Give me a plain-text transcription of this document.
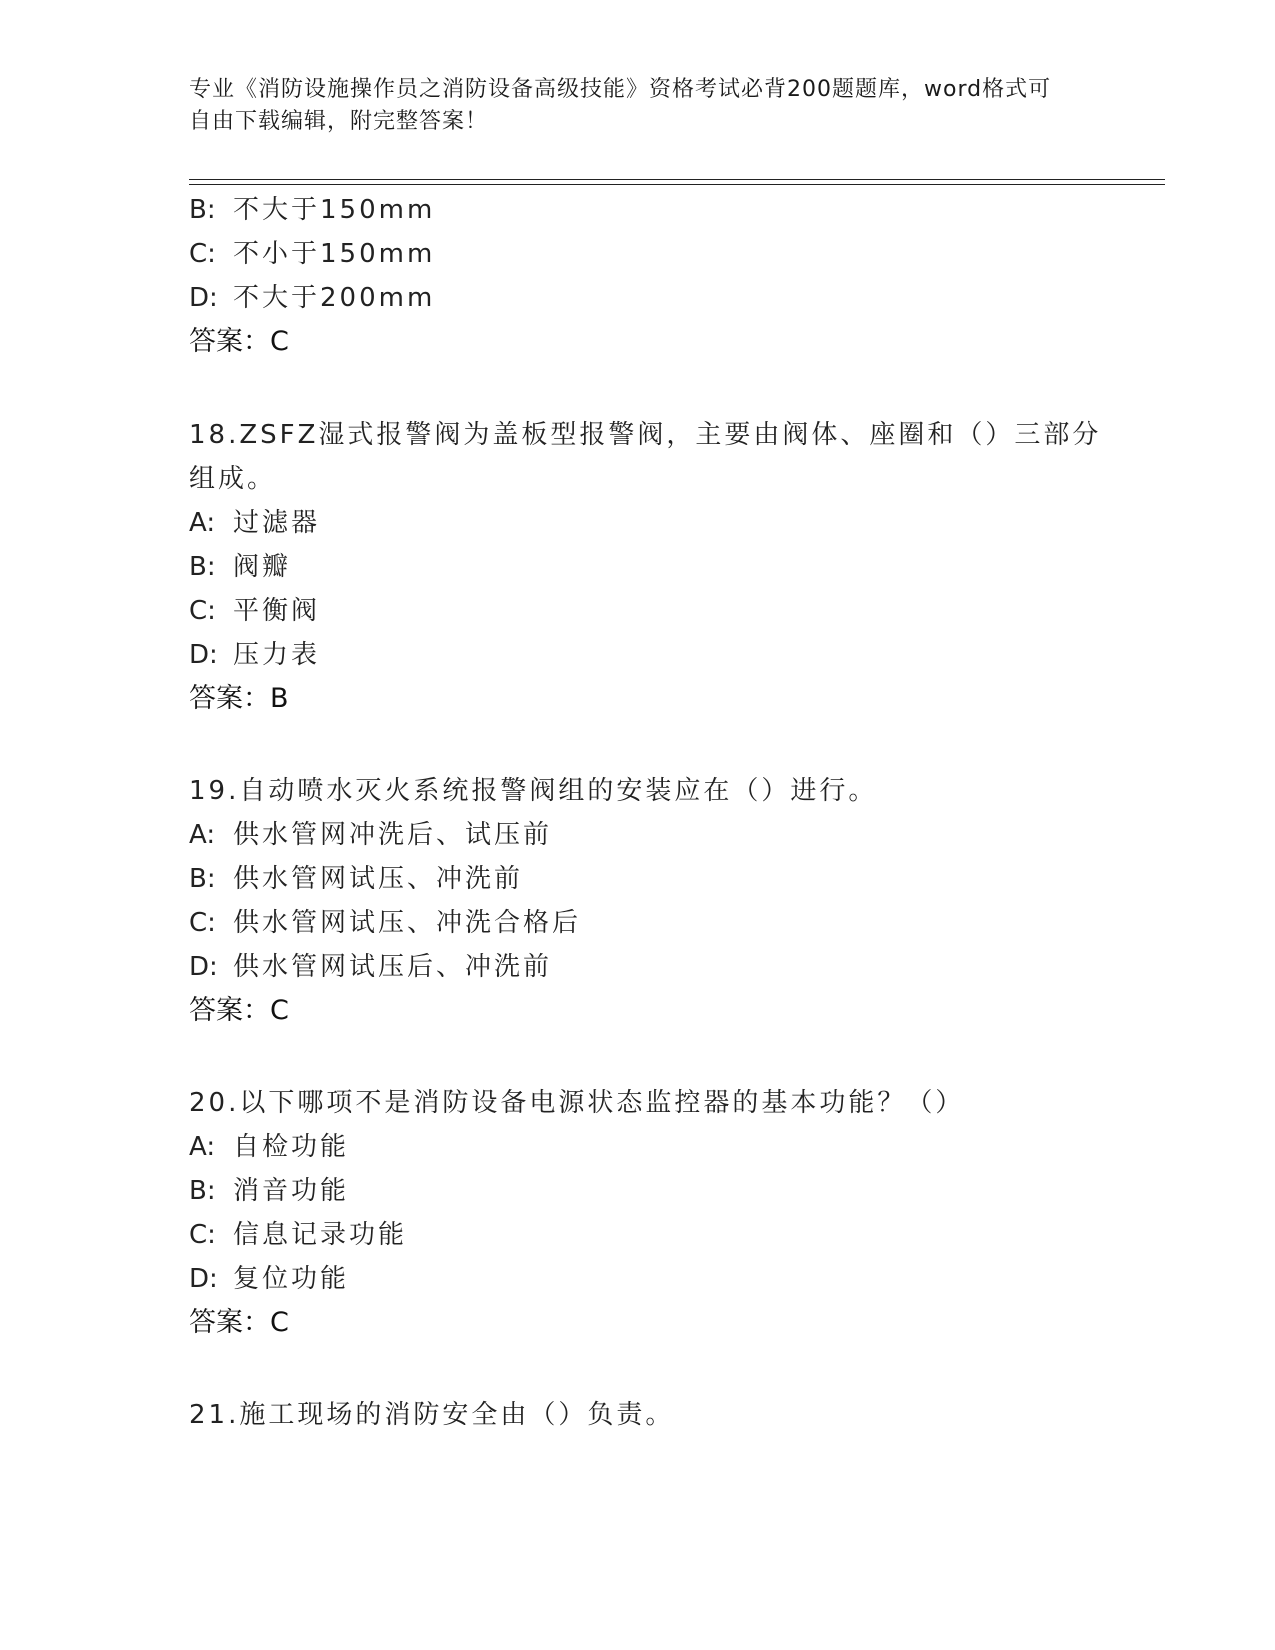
专业《消防设施操作员之消防设备高级技能》资格考试必背200题题库，word格式可自由下载编辑，附完整答案！
B: 不大于150mm
C: 不小于150mm
D: 不大于200mm
答案：C
18.ZSFZ湿式报警阀为盖板型报警阀，主要由阀体、座圈和（）三部分
组成。
A: 过滤器
B: 阀瓣
C: 平衡阀
D: 压力表
答案：B
19.自动喷水灭火系统报警阀组的安装应在（）进行。
A: 供水管网冲洗后、试压前
B: 供水管网试压、冲洗前
C: 供水管网试压、冲洗合格后
D: 供水管网试压后、冲洗前
答案：C
20.以下哪项不是消防设备电源状态监控器的基本功能？（）
A: 自检功能
B: 消音功能
C: 信息记录功能
D: 复位功能
答案：C
21.施工现场的消防安全由（）负责。
